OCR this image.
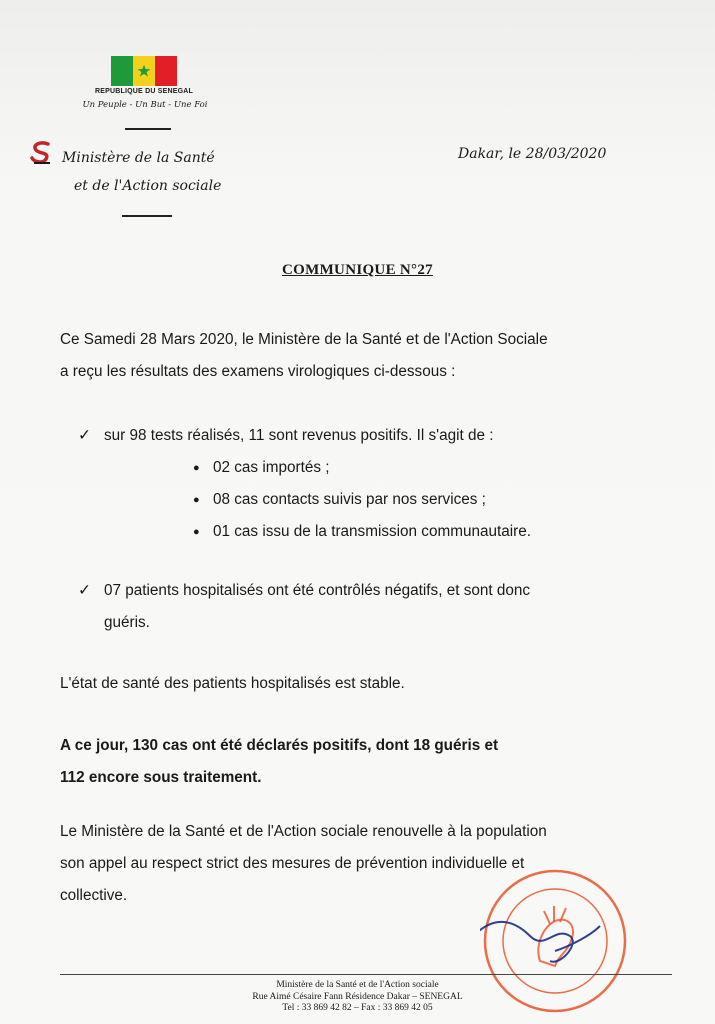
REPUBLIQUE DU SENEGAL
Un Peuple - Un But - Une Foi
Ministère de la Santé
et de l'Action sociale
Dakar, le 28/03/2020
COMMUNIQUE N°27
Ce Samedi 28 Mars 2020, le Ministère de la Santé et de l'Action Sociale
a reçu les résultats des examens virologiques ci-dessous :
✓ sur 98 tests réalisés, 11 sont revenus positifs. Il s'agit de :
● 02 cas importés ;
● 08 cas contacts suivis par nos services ;
● 01 cas issu de la transmission communautaire.
✓ 07 patients hospitalisés ont été contrôlés négatifs, et sont donc
guéris.
L'état de santé des patients hospitalisés est stable.
A ce jour, 130 cas ont été déclarés positifs, dont 18 guéris et
112 encore sous traitement.
Le Ministère de la Santé et de l'Action sociale renouvelle à la population
son appel au respect strict des mesures de prévention individuelle et
collective.
Ministère de la Santé et de l'Action sociale
Rue Aimé Césaire Fann Résidence Dakar – SENEGAL
Tel : 33 869 42 82 – Fax : 33 869 42 05
